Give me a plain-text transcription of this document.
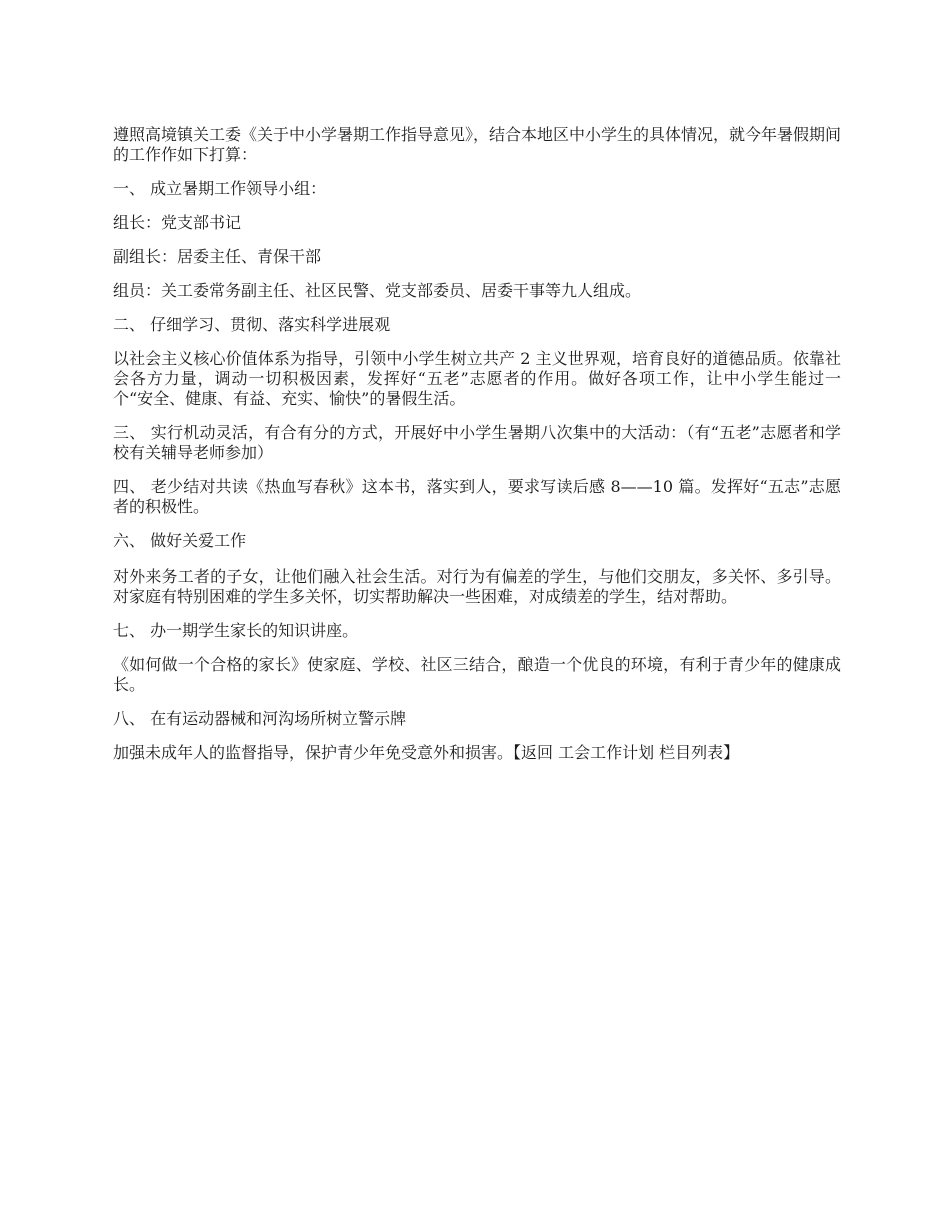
遵照高境镇关工委《关于中小学暑期工作指导意见》，结合本地区中小学生的具体情况，就今年暑假期间的工作作如下打算：

一、 成立暑期工作领导小组：

组长：党支部书记

副组长：居委主任、青保干部

组员：关工委常务副主任、社区民警、党支部委员、居委干事等九人组成。

二、 仔细学习、贯彻、落实科学进展观

以社会主义核心价值体系为指导，引领中小学生树立共产 2 主义世界观，培育良好的道德品质。依靠社会各方力量，调动一切积极因素，发挥好“五老”志愿者的作用。做好各项工作，让中小学生能过一个“安全、健康、有益、充实、愉快”的暑假生活。

三、 实行机动灵活，有合有分的方式，开展好中小学生暑期八次集中的大活动：（有“五老”志愿者和学校有关辅导老师参加）

四、 老少结对共读《热血写春秋》这本书，落实到人，要求写读后感 8——10 篇。发挥好“五志”志愿者的积极性。

六、 做好关爱工作

对外来务工者的子女，让他们融入社会生活。对行为有偏差的学生，与他们交朋友，多关怀、多引导。对家庭有特别困难的学生多关怀，切实帮助解决一些困难，对成绩差的学生，结对帮助。

七、 办一期学生家长的知识讲座。

《如何做一个合格的家长》使家庭、学校、社区三结合，酿造一个优良的环境，有利于青少年的健康成长。

八、 在有运动器械和河沟场所树立警示牌

加强未成年人的监督指导，保护青少年免受意外和损害。【返回 工会工作计划 栏目列表】
